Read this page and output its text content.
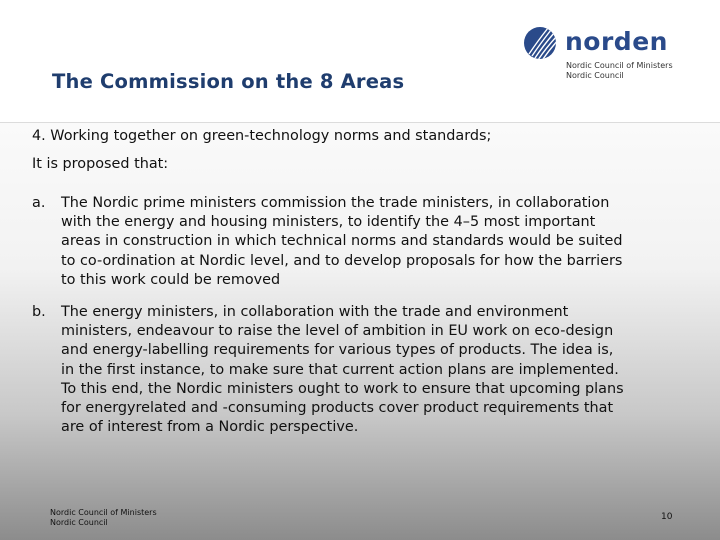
The Commission on the 8 Areas
norden
Nordic Council of Ministers
Nordic Council
4. Working together on green-technology norms and standards;
It is proposed that:
a. The Nordic prime ministers commission the trade ministers, in collaboration
with the energy and housing ministers, to identify the 4–5 most important
areas in construction in which technical norms and standards would be suited
to co-ordination at Nordic level, and to develop proposals for how the barriers
to this work could be removed
b. The energy ministers, in collaboration with the trade and environment
ministers, endeavour to raise the level of ambition in EU work on eco-design
and energy-labelling requirements for various types of products. The idea is,
in the first instance, to make sure that current action plans are implemented.
To this end, the Nordic ministers ought to work to ensure that upcoming plans
for energyrelated and -consuming products cover product requirements that
are of interest from a Nordic perspective.
Nordic Council of Ministers
Nordic Council
10
